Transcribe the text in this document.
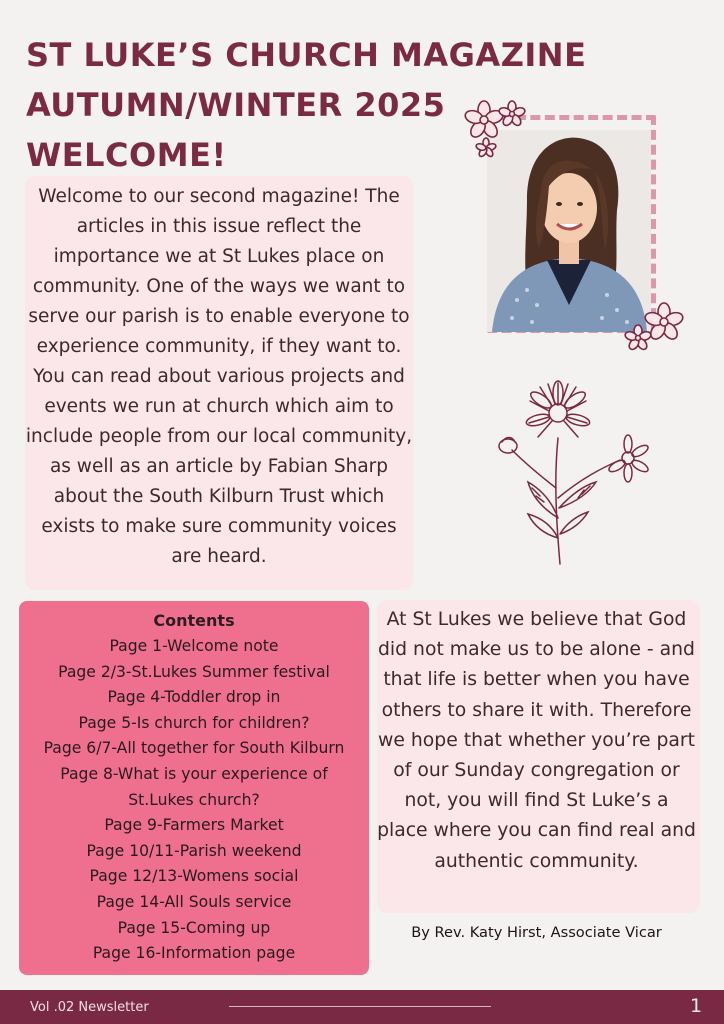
ST LUKE’S CHURCH MAGAZINE
AUTUMN/WINTER 2025
WELCOME!

Welcome to our second magazine! The articles in this issue reflect the importance we at St Lukes place on community. One of the ways we want to serve our parish is to enable everyone to experience community, if they want to. You can read about various projects and events we run at church which aim to include people from our local community, as well as an article by Fabian Sharp about the South Kilburn Trust which exists to make sure community voices are heard.

Contents
Page 1-Welcome note
Page 2/3-St.Lukes Summer festival
Page 4-Toddler drop in
Page 5-Is church for children?
Page 6/7-All together for South Kilburn
Page 8-What is your experience of
St.Lukes church?
Page 9-Farmers Market
Page 10/11-Parish weekend
Page 12/13-Womens social
Page 14-All Souls service
Page 15-Coming up
Page 16-Information page

At St Lukes we believe that God did not make us to be alone - and that life is better when you have others to share it with. Therefore we hope that whether you’re part of our Sunday congregation or not, you will find St Luke’s a place where you can find real and authentic community.

By Rev. Katy Hirst, Associate Vicar
Vol .02 Newsletter	1
